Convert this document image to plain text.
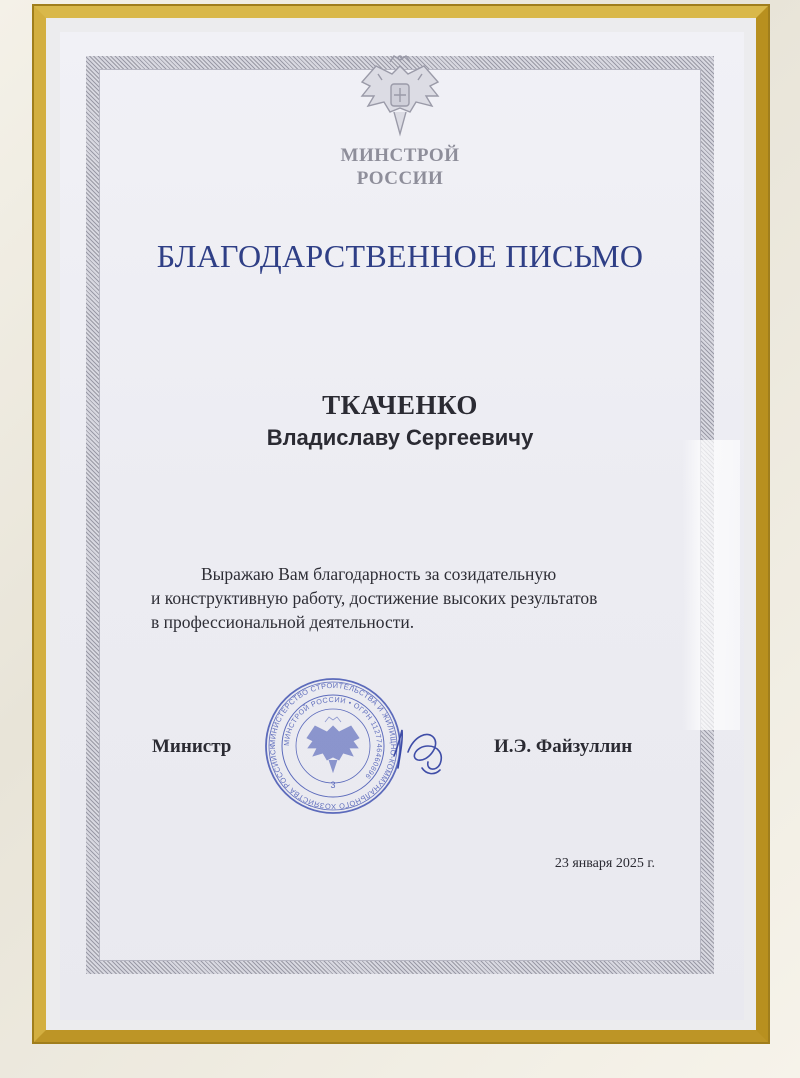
МИНСТРОЙ
РОССИИ
БЛАГОДАРСТВЕННОЕ ПИСЬМО
ТКАЧЕНКО
Владиславу Сергеевичу
Выражаю Вам благодарность за созидательную
и конструктивную работу, достижение высоких результатов
в профессиональной деятельности.
МИНИСТЕРСТВО СТРОИТЕЛЬСТВА И ЖИЛИЩНО-КОММУНАЛЬНОГО ХОЗЯЙСТВА РОССИЙСК
МИНСТРОЙ РОССИИ • ОГРН 1127746460896
3
Министр	И.Э. Файзуллин
23 января 2025 г.
